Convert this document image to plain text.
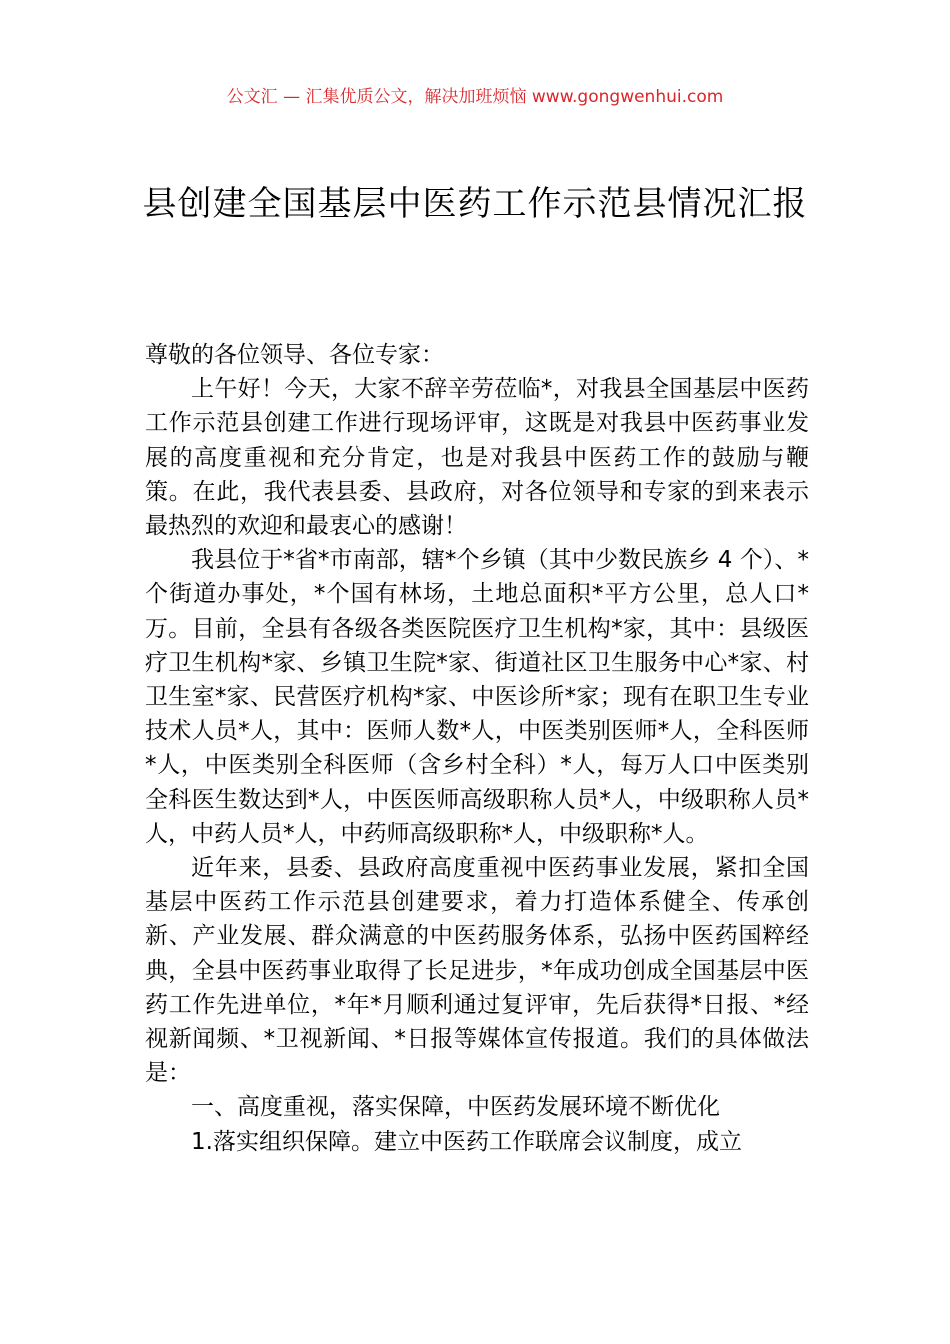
公文汇 — 汇集优质公文，解决加班烦恼 www.gongwenhui.com
县创建全国基层中医药工作示范县情况汇报

尊敬的各位领导、各位专家：

上午好！今天，大家不辞辛劳莅临*，对我县全国基层中医药工作示范县创建工作进行现场评审，这既是对我县中医药事业发展的高度重视和充分肯定，也是对我县中医药工作的鼓励与鞭策。在此，我代表县委、县政府，对各位领导和专家的到来表示最热烈的欢迎和最衷心的感谢！

我县位于*省*市南部，辖*个乡镇（其中少数民族乡 4 个）、*个街道办事处，*个国有林场，土地总面积*平方公里，总人口*万。目前，全县有各级各类医院医疗卫生机构*家，其中：县级医疗卫生机构*家、乡镇卫生院*家、街道社区卫生服务中心*家、村卫生室*家、民营医疗机构*家、中医诊所*家；现有在职卫生专业技术人员*人，其中：医师人数*人，中医类别医师*人，全科医师*人，中医类别全科医师（含乡村全科）*人，每万人口中医类别全科医生数达到*人，中医医师高级职称人员*人，中级职称人员*人，中药人员*人，中药师高级职称*人，中级职称*人。

近年来，县委、县政府高度重视中医药事业发展，紧扣全国基层中医药工作示范县创建要求，着力打造体系健全、传承创新、产业发展、群众满意的中医药服务体系，弘扬中医药国粹经典，全县中医药事业取得了长足进步，*年成功创成全国基层中医药工作先进单位，*年*月顺利通过复评审，先后获得*日报、*经视新闻频、*卫视新闻、*日报等媒体宣传报道。我们的具体做法是：

一、高度重视，落实保障，中医药发展环境不断优化

1.落实组织保障。建立中医药工作联席会议制度，成立
